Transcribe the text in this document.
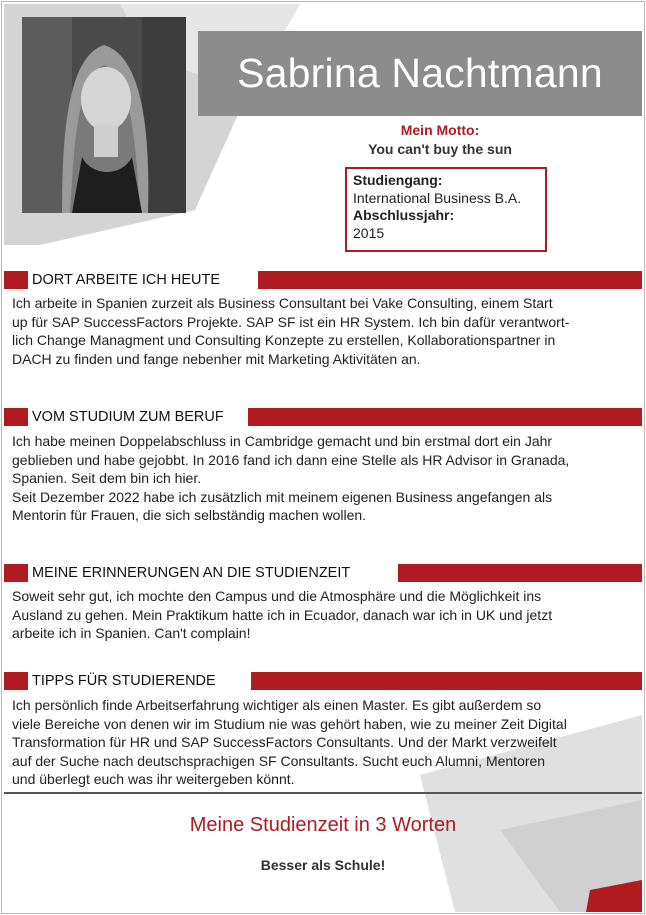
Sabrina Nachtmann
Mein Motto:
You can't buy the sun
Studiengang:
International Business B.A.
Abschlussjahr:
2015
DORT ARBEITE ICH HEUTE
Ich arbeite in Spanien zurzeit als Business Consultant bei Vake Consulting, einem Start
up für SAP SuccessFactors Projekte. SAP SF ist ein HR System. Ich bin dafür verantwort-
lich Change Managment und Consulting Konzepte zu erstellen, Kollaborationspartner in
DACH zu finden und fange nebenher mit Marketing Aktivitäten an.
VOM STUDIUM ZUM BERUF
Ich habe meinen Doppelabschluss in Cambridge gemacht und bin erstmal dort ein Jahr
geblieben und habe gejobbt. In 2016 fand ich dann eine Stelle als HR Advisor in Granada,
Spanien. Seit dem bin ich hier.
Seit Dezember 2022 habe ich zusätzlich mit meinem eigenen Business angefangen als
Mentorin für Frauen, die sich selbständig machen wollen.
MEINE ERINNERUNGEN AN DIE STUDIENZEIT
Soweit sehr gut, ich mochte den Campus und die Atmosphäre und die Möglichkeit ins
Ausland zu gehen. Mein Praktikum hatte ich in Ecuador, danach war ich in UK und jetzt
arbeite ich in Spanien. Can't complain!
TIPPS FÜR STUDIERENDE
Ich persönlich finde Arbeitserfahrung wichtiger als einen Master. Es gibt außerdem so
viele Bereiche von denen wir im Studium nie was gehört haben, wie zu meiner Zeit Digital
Transformation für HR und SAP SuccessFactors Consultants. Und der Markt verzweifelt
auf der Suche nach deutschsprachigen SF Consultants. Sucht euch Alumni, Mentoren
und überlegt euch was ihr weitergeben könnt.
Meine Studienzeit in 3 Worten
Besser als Schule!
